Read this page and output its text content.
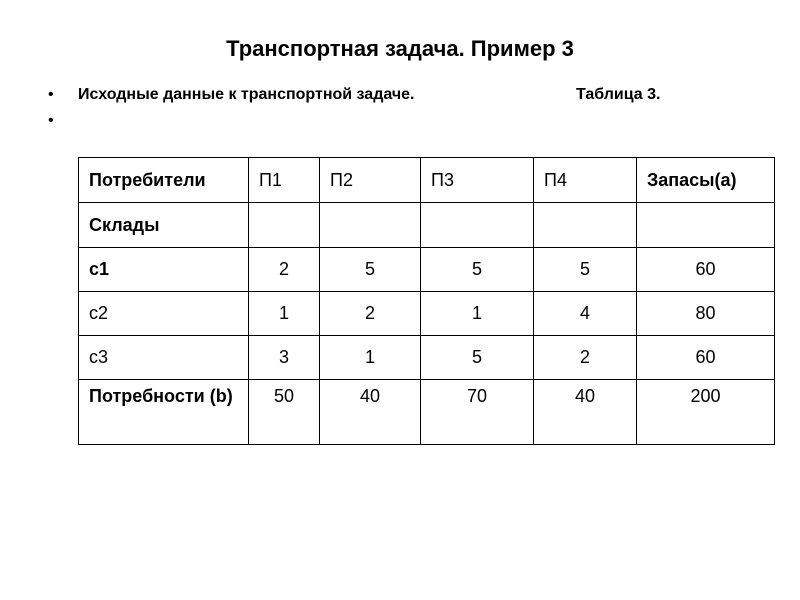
Транспортная задача. Пример 3
• Исходные данные к транспортной задаче.	Таблица 3.
•
Потребители	П1	П2	П3	П4	Запасы(a)
Склады					
с1	2	5	5	5	60
с2	1	2	1	4	80
с3	3	1	5	2	60
Потребности (b)	50	40	70	40	200
